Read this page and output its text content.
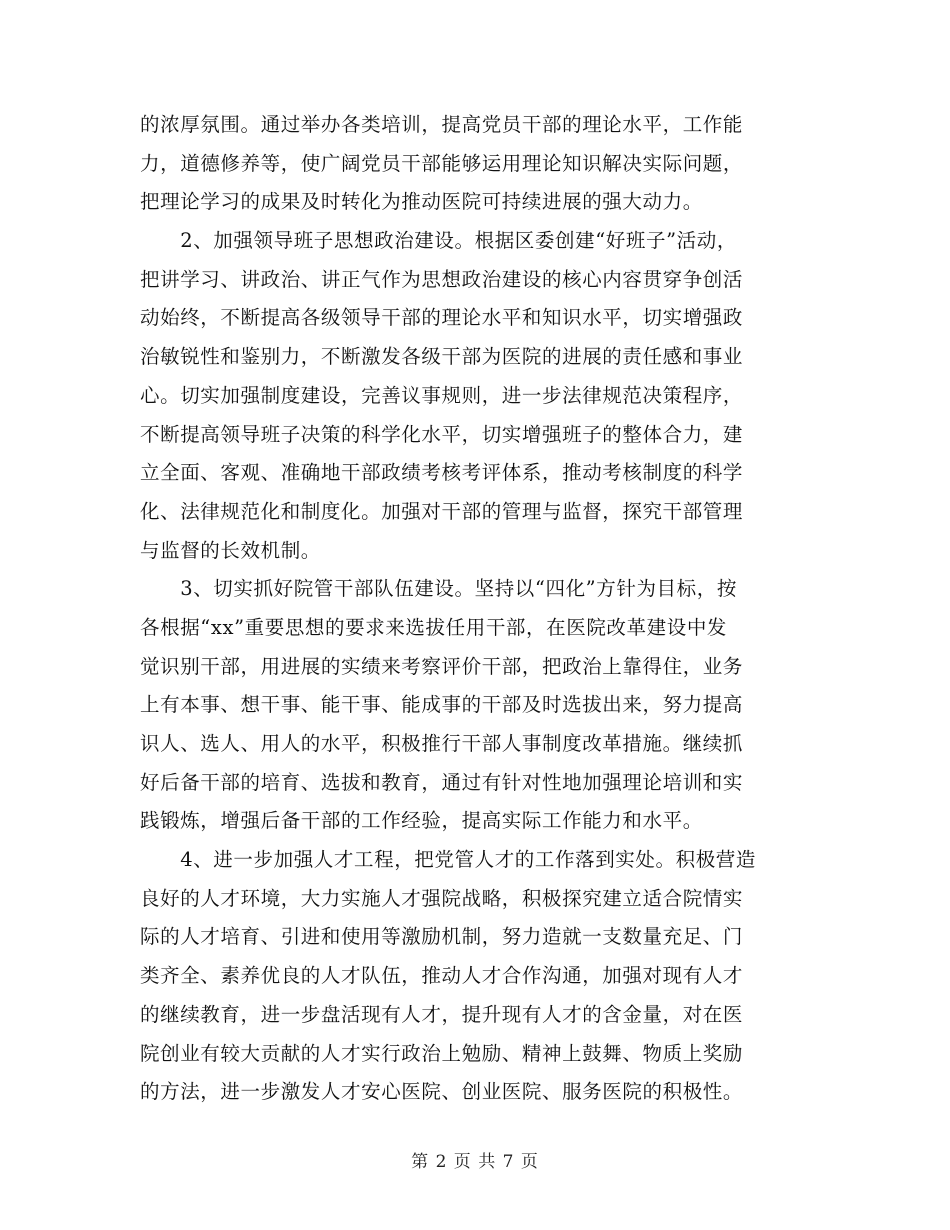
的浓厚氛围。通过举办各类培训，提高党员干部的理论水平，工作能
力，道德修养等，使广阔党员干部能够运用理论知识解决实际问题，
把理论学习的成果及时转化为推动医院可持续进展的强大动力。
　　2、加强领导班子思想政治建设。根据区委创建“好班子”活动，
把讲学习、讲政治、讲正气作为思想政治建设的核心内容贯穿争创活
动始终，不断提高各级领导干部的理论水平和知识水平，切实增强政
治敏锐性和鉴别力，不断激发各级干部为医院的进展的责任感和事业
心。切实加强制度建设，完善议事规则，进一步法律规范决策程序，
不断提高领导班子决策的科学化水平，切实增强班子的整体合力，建
立全面、客观、准确地干部政绩考核考评体系，推动考核制度的科学
化、法律规范化和制度化。加强对干部的管理与监督，探究干部管理
与监督的长效机制。
　　3、切实抓好院管干部队伍建设。坚持以“四化”方针为目标，按
各根据“xx”重要思想的要求来选拔任用干部，在医院改革建设中发
觉识别干部，用进展的实绩来考察评价干部，把政治上靠得住，业务
上有本事、想干事、能干事、能成事的干部及时选拔出来，努力提高
识人、选人、用人的水平，积极推行干部人事制度改革措施。继续抓
好后备干部的培育、选拔和教育，通过有针对性地加强理论培训和实
践锻炼，增强后备干部的工作经验，提高实际工作能力和水平。
　　4、进一步加强人才工程，把党管人才的工作落到实处。积极营造
良好的人才环境，大力实施人才强院战略，积极探究建立适合院情实
际的人才培育、引进和使用等激励机制，努力造就一支数量充足、门
类齐全、素养优良的人才队伍，推动人才合作沟通，加强对现有人才
的继续教育，进一步盘活现有人才，提升现有人才的含金量，对在医
院创业有较大贡献的人才实行政治上勉励、精神上鼓舞、物质上奖励
的方法，进一步激发人才安心医院、创业医院、服务医院的积极性。
第 2 页 共 7 页
